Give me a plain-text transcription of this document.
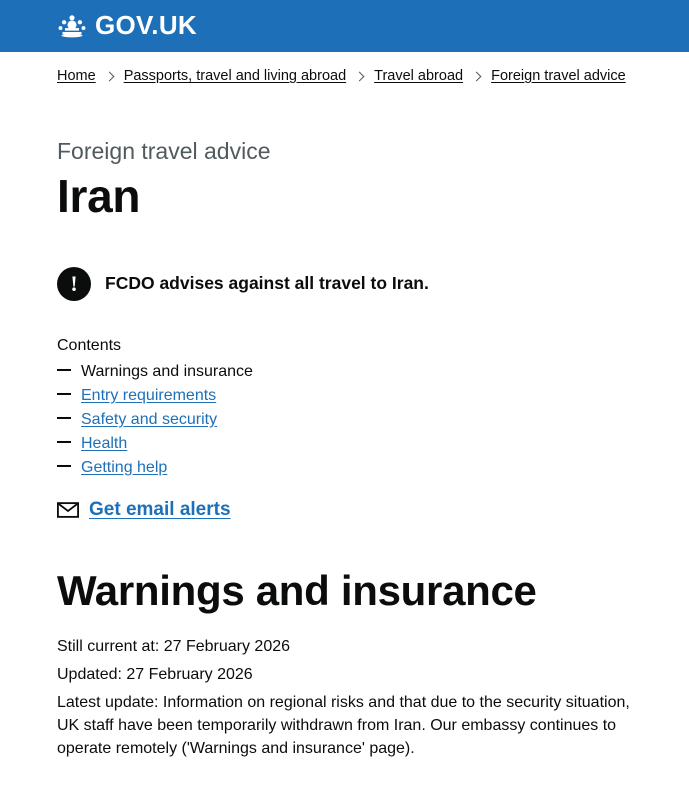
GOV.UK
Home Passports, travel and living abroad Travel abroad Foreign travel advice

Foreign travel advice

Iran
!	FCDO advises against all travel to Iran.
Contents
Warnings and insurance
Entry requirements
Safety and security
Health
Getting help
Get email alerts
Warnings and insurance

Still current at: 27 February 2026

Updated: 27 February 2026

Latest update: Information on regional risks and that due to the security situation, UK staff have been temporarily withdrawn from Iran. Our embassy continues to operate remotely ('Warnings and insurance' page).
